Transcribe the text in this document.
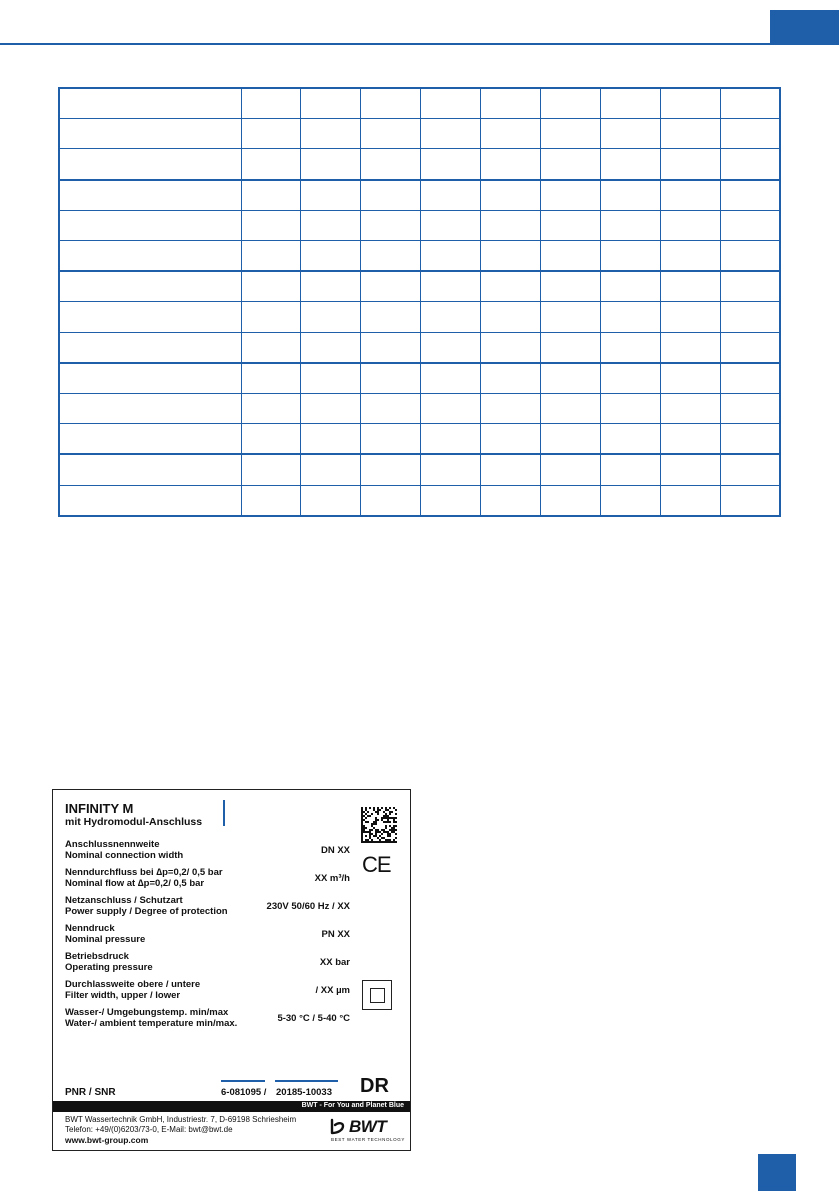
INFINITY M
mit Hydromodul-Anschluss
Anschlussnennweite
Nominal connection width	DN XX
Nenndurchfluss bei ∆p=0,2/ 0,5 bar
Nominal flow at ∆p=0,2/ 0,5 bar	XX m³/h
Netzanschluss / Schutzart
Power supply / Degree of protection	230V 50/60 Hz / XX
Nenndruck
Nominal pressure	PN XX
Betriebsdruck
Operating pressure	XX bar
Durchlassweite obere / untere
Filter width, upper / lower	/ XX µm
Wasser-/ Umgebungstemp. min/max
Water-/ ambient temperature min/max.	5-30 °C / 5-40 °C
CE
PNR / SNR	6-081095 / 20185-10033 DR
BWT - For You and Planet Blue
BWT Wassertechnik GmbH, Industriestr. 7, D-69198 Schriesheim
Telefon: +49/(0)6203/73-0, E-Mail: bwt@bwt.de
www.bwt-group.com
BWT
BEST WATER TECHNOLOGY
